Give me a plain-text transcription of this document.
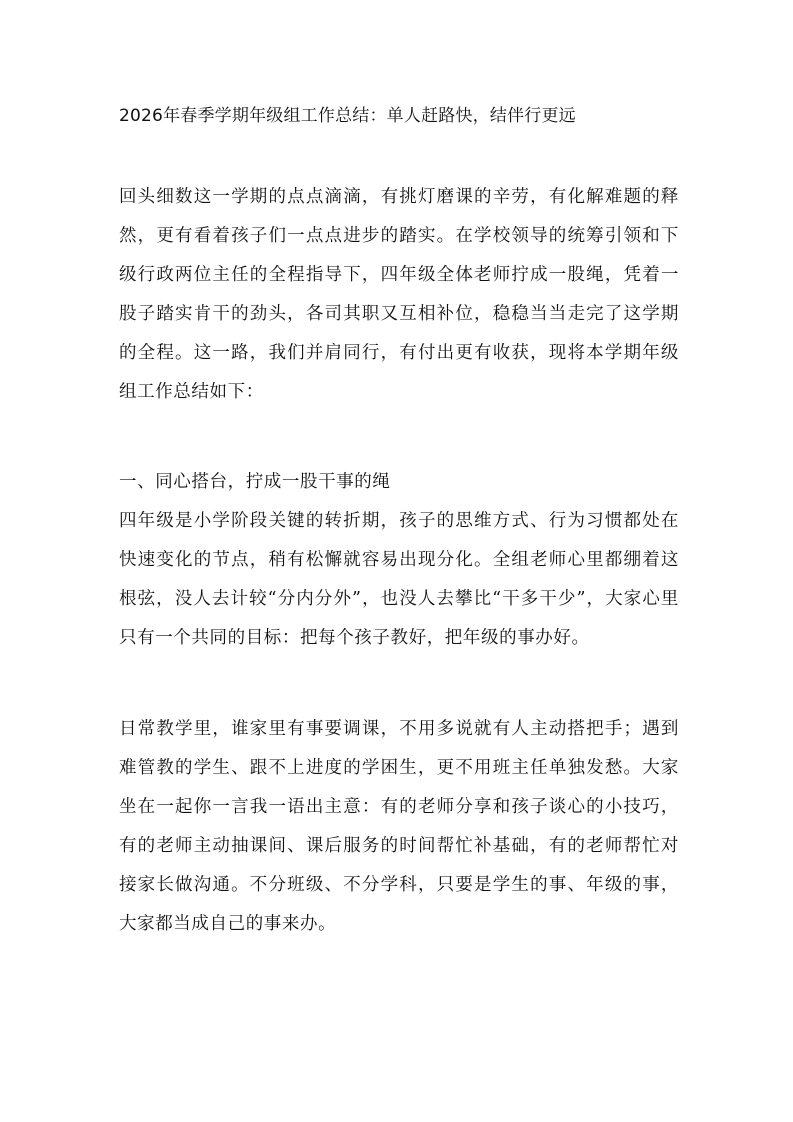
2026年春季学期年级组工作总结：单人赶路快，结伴行更远

回头细数这一学期的点点滴滴，有挑灯磨课的辛劳，有化解难题的释然，更有看着孩子们一点点进步的踏实。在学校领导的统筹引领和下级行政两位主任的全程指导下，四年级全体老师拧成一股绳，凭着一股子踏实肯干的劲头，各司其职又互相补位，稳稳当当走完了这学期的全程。这一路，我们并肩同行，有付出更有收获，现将本学期年级组工作总结如下：

一、同心搭台，拧成一股干事的绳

四年级是小学阶段关键的转折期，孩子的思维方式、行为习惯都处在快速变化的节点，稍有松懈就容易出现分化。全组老师心里都绷着这根弦，没人去计较“分内分外”，也没人去攀比“干多干少”，大家心里只有一个共同的目标：把每个孩子教好，把年级的事办好。

日常教学里，谁家里有事要调课，不用多说就有人主动搭把手；遇到难管教的学生、跟不上进度的学困生，更不用班主任单独发愁。大家坐在一起你一言我一语出主意：有的老师分享和孩子谈心的小技巧，有的老师主动抽课间、课后服务的时间帮忙补基础，有的老师帮忙对接家长做沟通。不分班级、不分学科，只要是学生的事、年级的事，大家都当成自己的事来办。
